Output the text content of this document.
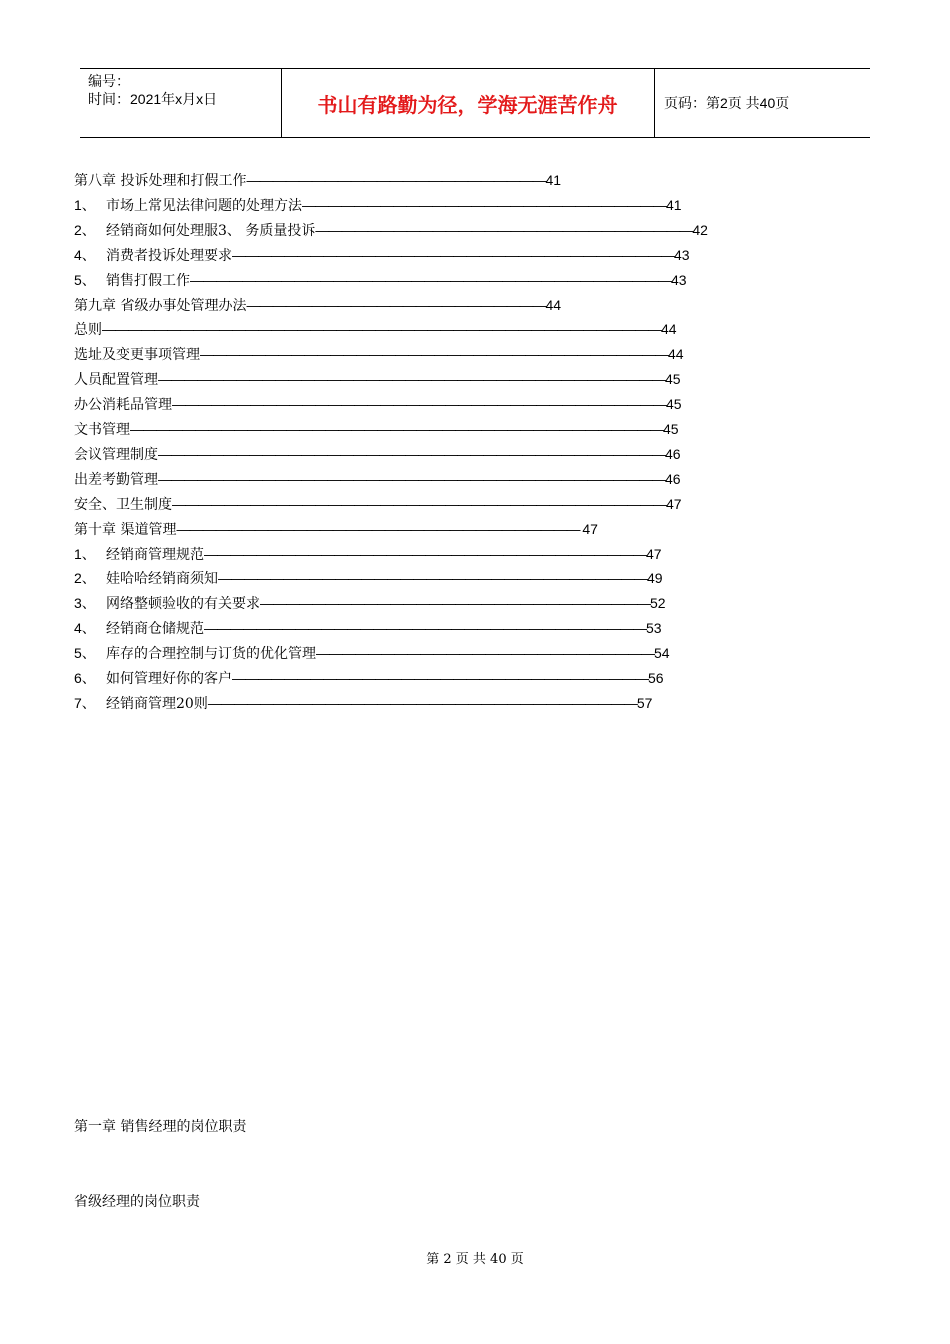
编号：
时间：2021年x月x日	书山有路勤为径，学海无涯苦作舟	页码：第2页 共40页
第八章 投诉处理和打假工作———————————————————————41
1、 市场上常见法律问题的处理方法————————————————————————————41
2、 经销商如何处理服3、 务质量投诉—————————————————————————————42
4、 消费者投诉处理要求——————————————————————————————————43
5、 销售打假工作—————————————————————————————————————43
第九章 省级办事处管理办法———————————————————————44
总则———————————————————————————————————————————44
选址及变更事项管理————————————————————————————————————44
人员配置管理———————————————————————————————————————45
办公消耗品管理——————————————————————————————————————45
文书管理—————————————————————————————————————————45
会议管理制度———————————————————————————————————————46
出差考勤管理———————————————————————————————————————46
安全、卫生制度——————————————————————————————————————47
第十章 渠道管理——————————————————————————————— 47
1、 经销商管理规范——————————————————————————————————47
2、 娃哈哈经销商须知—————————————————————————————————49
3、 网络整顿验收的有关要求——————————————————————————————52
4、 经销商仓储规范——————————————————————————————————53
5、 库存的合理控制与订货的优化管理——————————————————————————54
6、 如何管理好你的客户————————————————————————————————56
7、 经销商管理20则—————————————————————————————————57
第一章 销售经理的岗位职责
省级经理的岗位职责
第 2 页 共 40 页
